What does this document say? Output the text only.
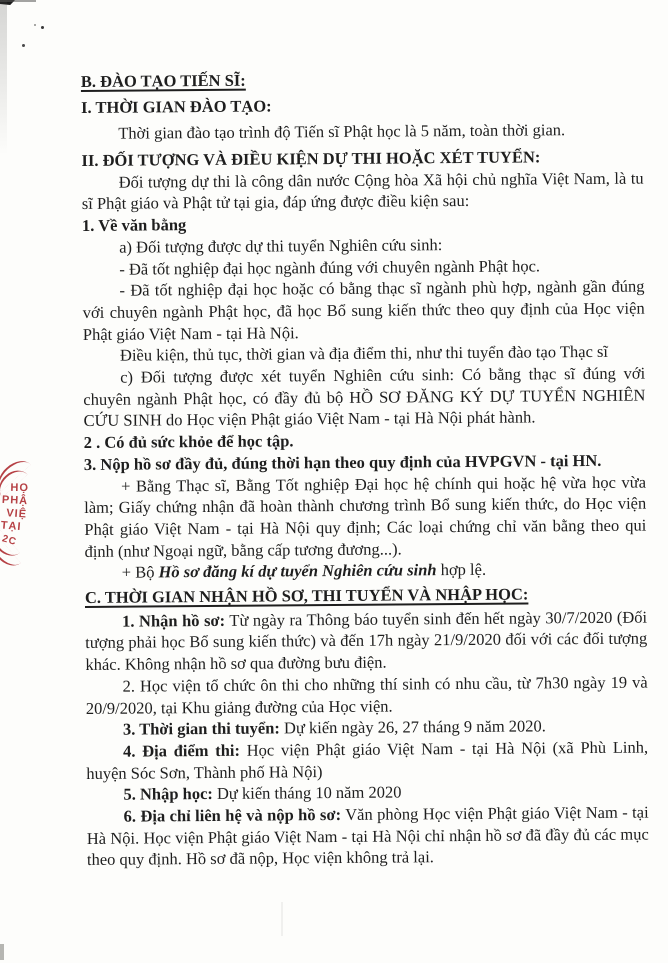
HỌ
PHẬ
VIỆ
TẠI
2C

B. ĐÀO TẠO TIẾN SĨ:

I. THỜI GIAN ĐÀO TẠO:

Thời gian đào tạo trình độ Tiến sĩ Phật học là 5 năm, toàn thời gian.

II. ĐỐI TƯỢNG VÀ ĐIỀU KIỆN DỰ THI HOẶC XÉT TUYỂN:

Đối tượng dự thi là công dân nước Cộng hòa Xã hội chủ nghĩa Việt Nam, là tu sĩ Phật giáo và Phật tử tại gia, đáp ứng được điều kiện sau:

1. Về văn bằng

a) Đối tượng được dự thi tuyển Nghiên cứu sinh:

- Đã tốt nghiệp đại học ngành đúng với chuyên ngành Phật học.

- Đã tốt nghiệp đại học hoặc có bằng thạc sĩ ngành phù hợp, ngành gần đúng với chuyên ngành Phật học, đã học Bổ sung kiến thức theo quy định của Học viện Phật giáo Việt Nam - tại Hà Nội.

Điều kiện, thủ tục, thời gian và địa điểm thi, như thi tuyển đào tạo Thạc sĩ

c) Đối tượng được xét tuyển Nghiên cứu sinh: Có bằng thạc sĩ đúng với chuyên ngành Phật học, có đầy đủ bộ HỒ SƠ ĐĂNG KÝ DỰ TUYỂN NGHIÊN CỨU SINH do Học viện Phật giáo Việt Nam - tại Hà Nội phát hành.

2 . Có đủ sức khỏe để học tập.

3. Nộp hồ sơ đầy đủ, đúng thời hạn theo quy định của HVPGVN - tại HN.

+ Bằng Thạc sĩ, Bằng Tốt nghiệp Đại học hệ chính qui hoặc hệ vừa học vừa làm; Giấy chứng nhận đã hoàn thành chương trình Bổ sung kiến thức, do Học viện Phật giáo Việt Nam - tại Hà Nội quy định; Các loại chứng chỉ văn bằng theo qui định (như Ngoại ngữ, bằng cấp tương đương...).

+ Bộ Hồ sơ đăng kí dự tuyển Nghiên cứu sinh hợp lệ.

C. THỜI GIAN NHẬN HỒ SƠ, THI TUYỂN VÀ NHẬP HỌC:

1. Nhận hồ sơ: Từ ngày ra Thông báo tuyển sinh đến hết ngày 30/7/2020 (Đối tượng phải học Bổ sung kiến thức) và đến 17h ngày 21/9/2020 đối với các đối tượng khác. Không nhận hồ sơ qua đường bưu điện.

2. Học viện tổ chức ôn thi cho những thí sinh có nhu cầu, từ 7h30 ngày 19 và 20/9/2020, tại Khu giảng đường của Học viện.

3. Thời gian thi tuyển: Dự kiến ngày 26, 27 tháng 9 năm 2020.

4. Địa điểm thi: Học viện Phật giáo Việt Nam - tại Hà Nội (xã Phù Linh, huyện Sóc Sơn, Thành phố Hà Nội)

5. Nhập học: Dự kiến tháng 10 năm 2020

6. Địa chỉ liên hệ và nộp hồ sơ: Văn phòng Học viện Phật giáo Việt Nam - tại Hà Nội. Học viện Phật giáo Việt Nam - tại Hà Nội chỉ nhận hồ sơ đã đầy đủ các mục theo quy định. Hồ sơ đã nộp, Học viện không trả lại.
